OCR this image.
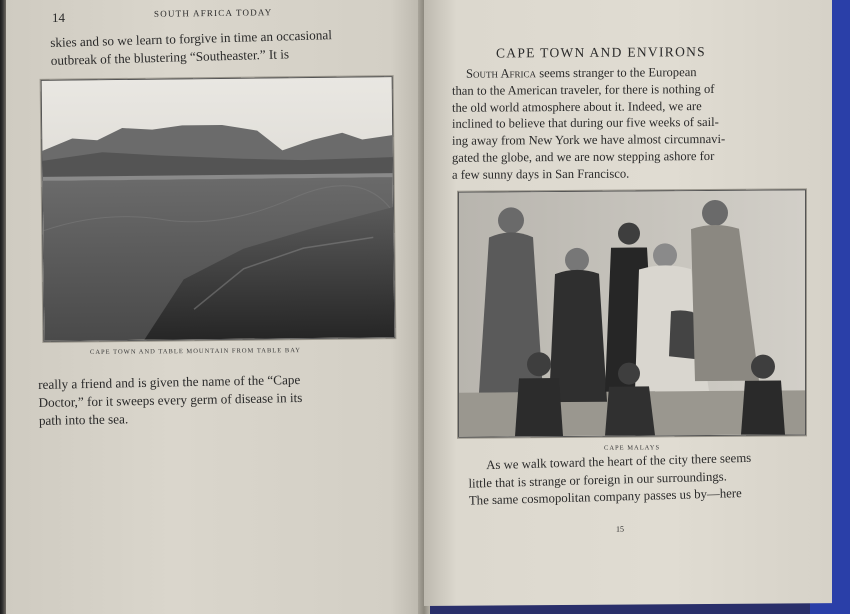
14	SOUTH AFRICA TODAY
skies and so we learn to forgive in time an occasional
outbreak of the blustering “Southeaster.” It is
CAPE TOWN AND TABLE MOUNTAIN FROM TABLE BAY
really a friend and is given the name of the “Cape
Doctor,” for it sweeps every germ of disease in its
path into the sea.
CAPE TOWN AND ENVIRONS
South Africa seems stranger to the European
than to the American traveler, for there is nothing of
the old world atmosphere about it. Indeed, we are
inclined to believe that during our five weeks of sail-
ing away from New York we have almost circumnavi-
gated the globe, and we are now stepping ashore for
a few sunny days in San Francisco.
CAPE MALAYS
As we walk toward the heart of the city there seems
little that is strange or foreign in our surroundings.
The same cosmopolitan company passes us by—here
15
